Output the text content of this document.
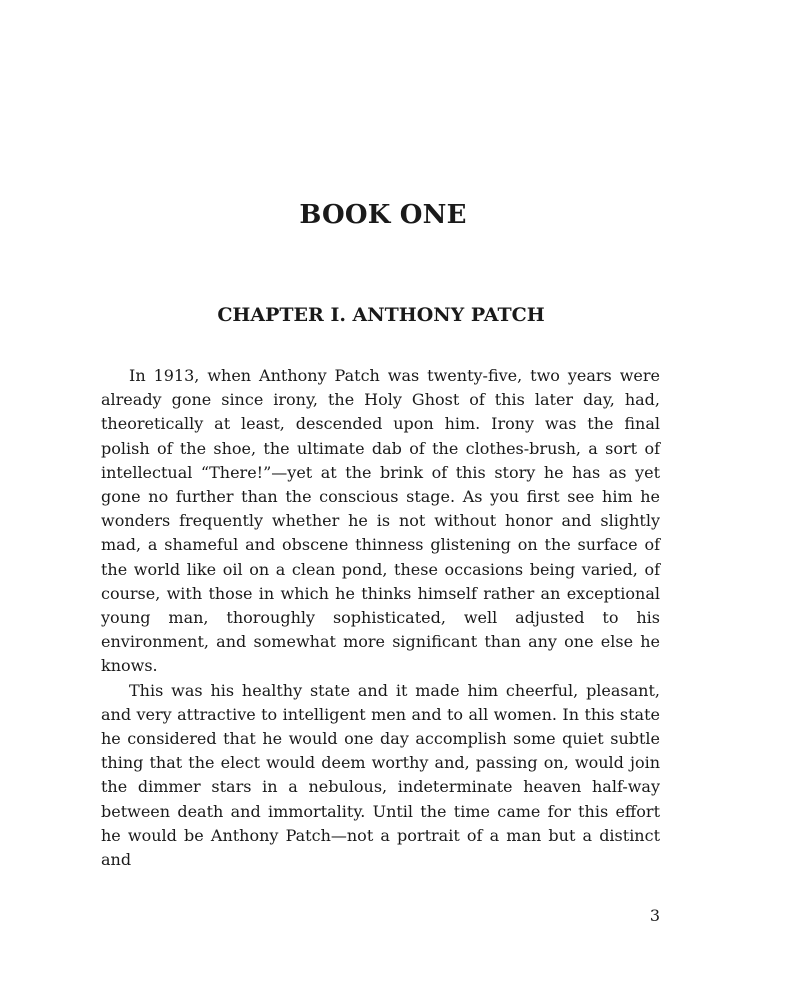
BOOK ONE
CHAPTER I. ANTHONY PATCH

In 1913, when Anthony Patch was twenty-five, two years were already gone since irony, the Holy Ghost of this later day, had, theoretically at least, descended upon him. Irony was the final polish of the shoe, the ultimate dab of the clothes-brush, a sort of intellectual “There!”—yet at the brink of this story he has as yet gone no further than the conscious stage. As you first see him he wonders frequently whether he is not without honor and slightly mad, a shameful and obscene thinness glistening on the surface of the world like oil on a clean pond, these occasions being varied, of course, with those in which he thinks himself rather an exceptional young man, thoroughly sophisticated, well adjusted to his environment, and somewhat more significant than any one else he knows.

This was his healthy state and it made him cheerful, pleasant, and very attractive to intelligent men and to all women. In this state he considered that he would one day accomplish some quiet subtle thing that the elect would deem worthy and, passing on, would join the dimmer stars in a nebulous, indeterminate heaven half-way between death and immortality. Until the time came for this effort he would be Anthony Patch—not a portrait of a man but a distinct and

3
